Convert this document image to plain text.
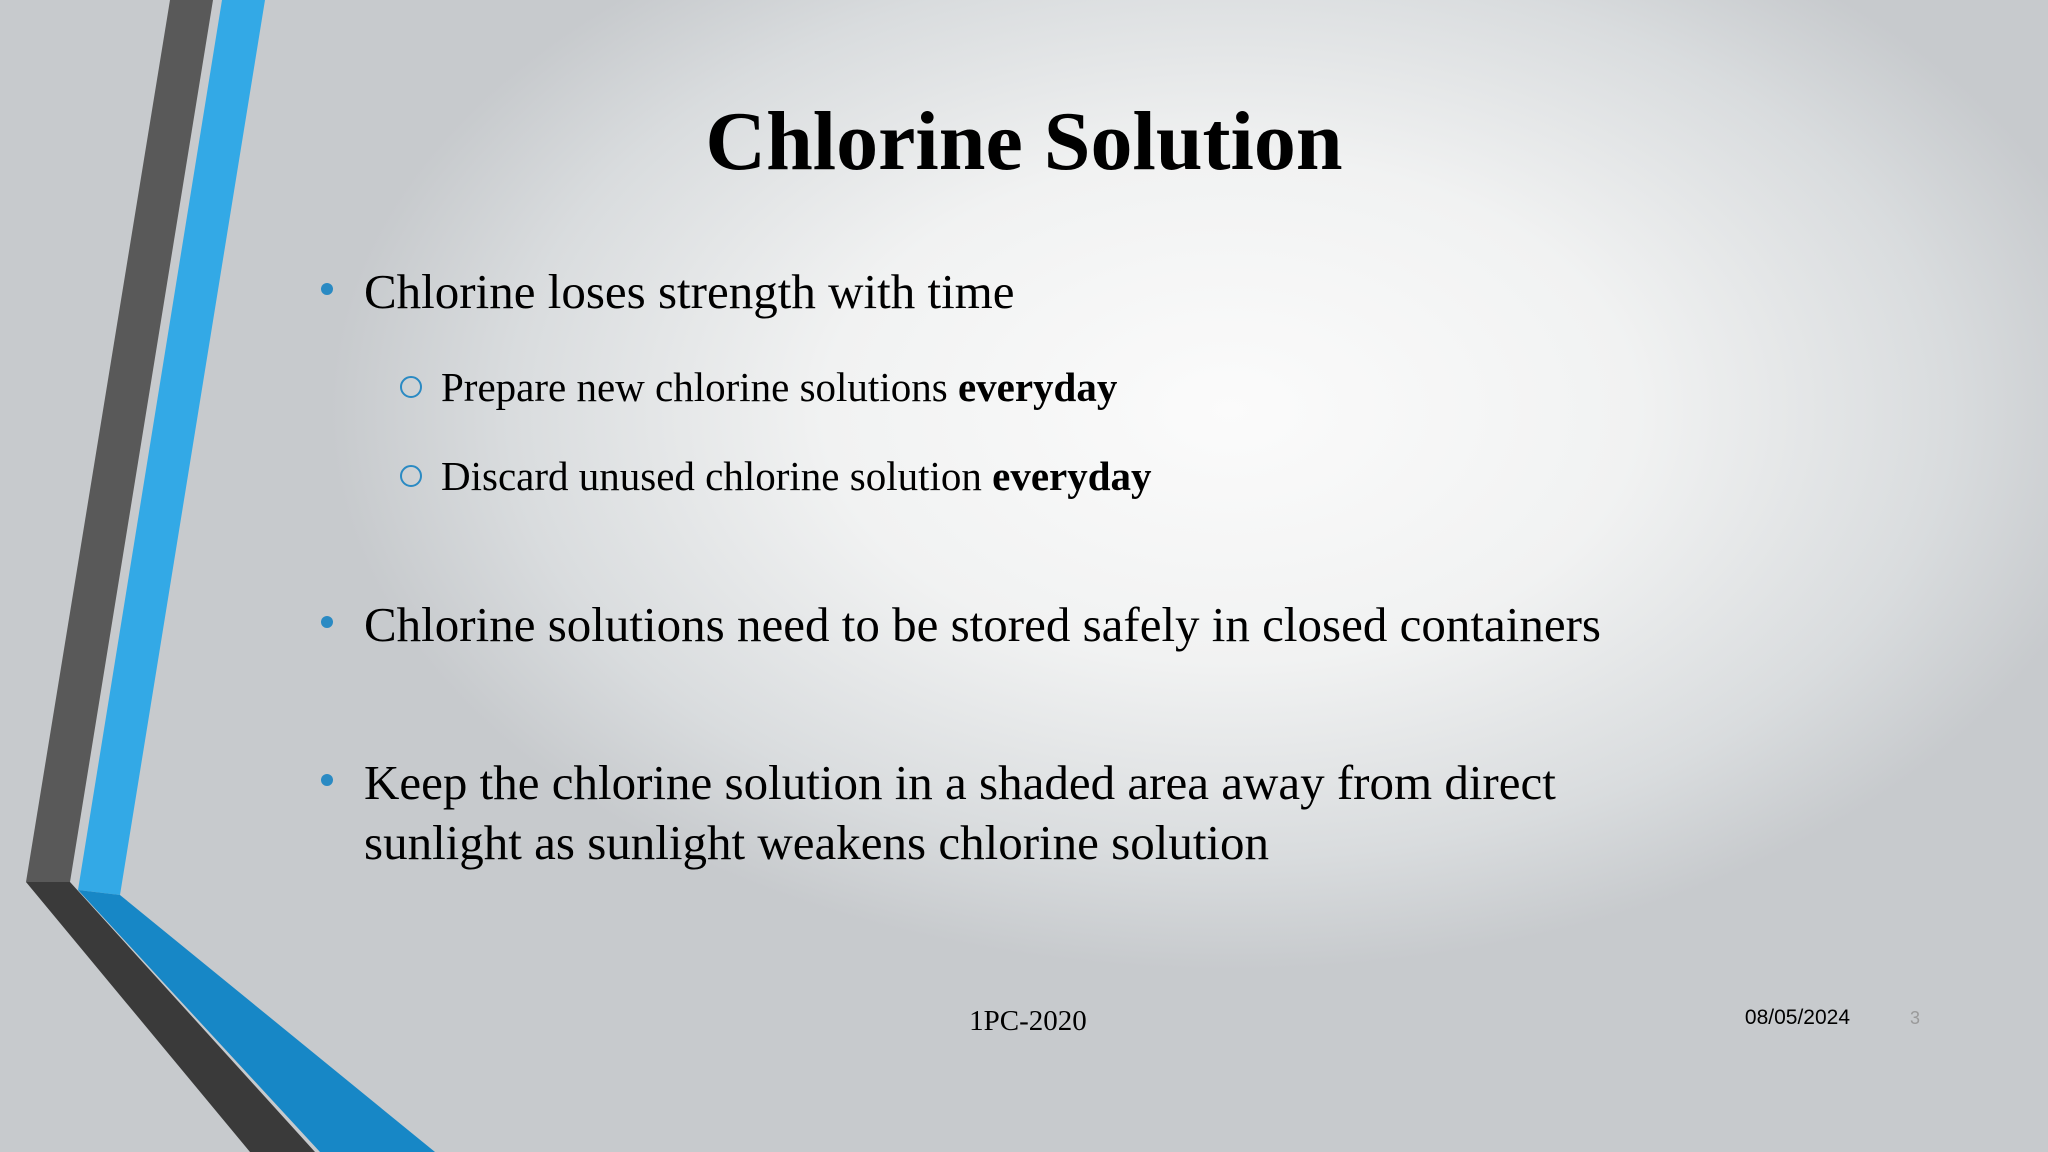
Chlorine Solution
Chlorine loses strength with time
Prepare new chlorine solutions everyday
Discard unused chlorine solution everyday
Chlorine solutions need to be stored safely in closed containers
Keep the chlorine solution in a shaded area away from direct sunlight as sunlight weakens chlorine solution
1PC-2020	08/05/2024	3
